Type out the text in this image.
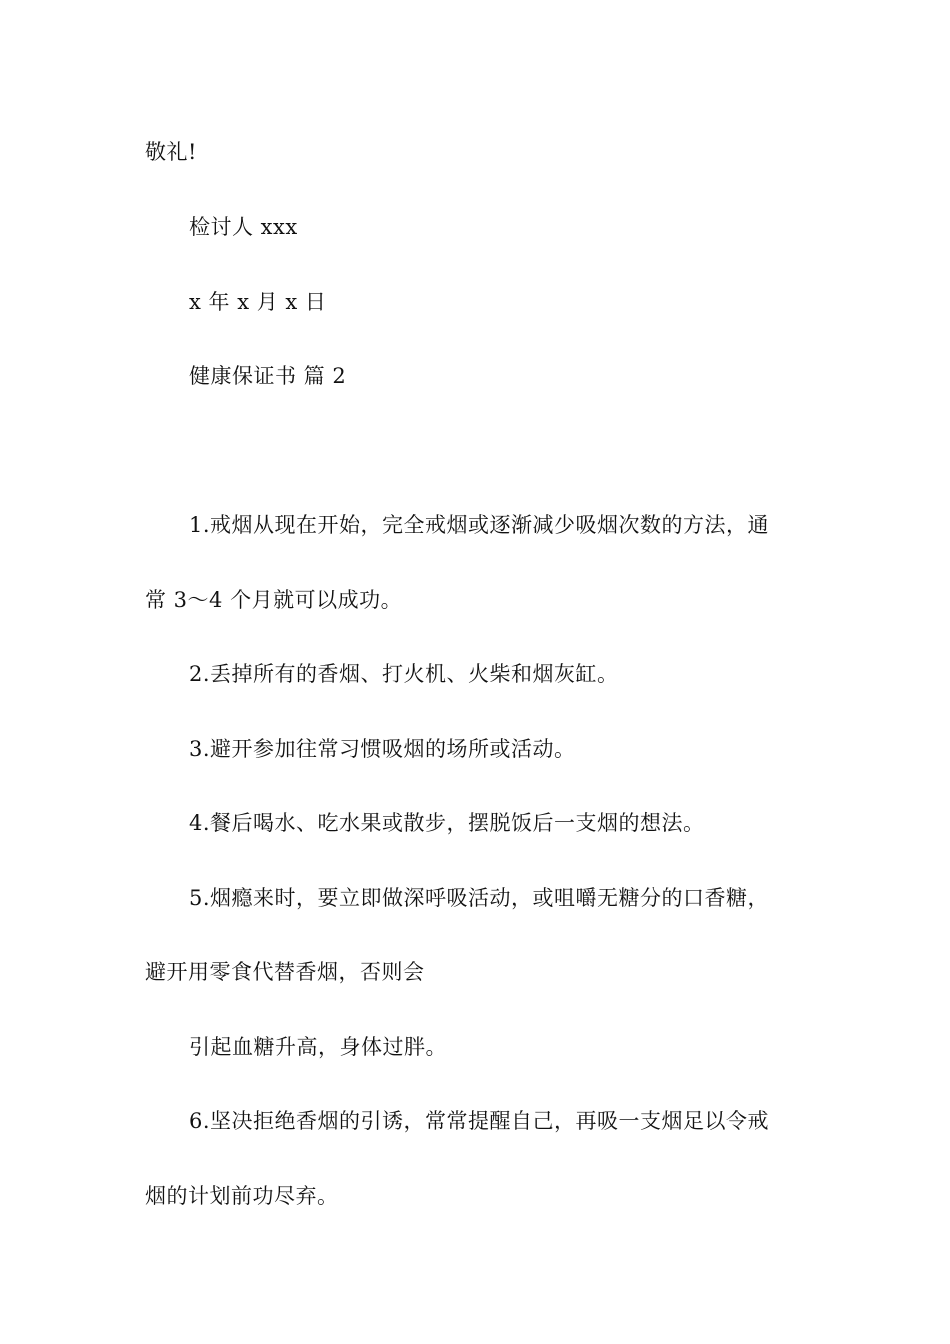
敬礼!
检讨人 xxx
x 年 x 月 x 日
健康保证书 篇 2
1.戒烟从现在开始，完全戒烟或逐渐减少吸烟次数的方法，通
常 3～4 个月就可以成功。
2.丢掉所有的香烟、打火机、火柴和烟灰缸。
3.避开参加往常习惯吸烟的场所或活动。
4.餐后喝水、吃水果或散步，摆脱饭后一支烟的想法。
5.烟瘾来时，要立即做深呼吸活动，或咀嚼无糖分的口香糖，
避开用零食代替香烟，否则会
引起血糖升高，身体过胖。
6.坚决拒绝香烟的引诱，常常提醒自己，再吸一支烟足以令戒
烟的计划前功尽弃。
